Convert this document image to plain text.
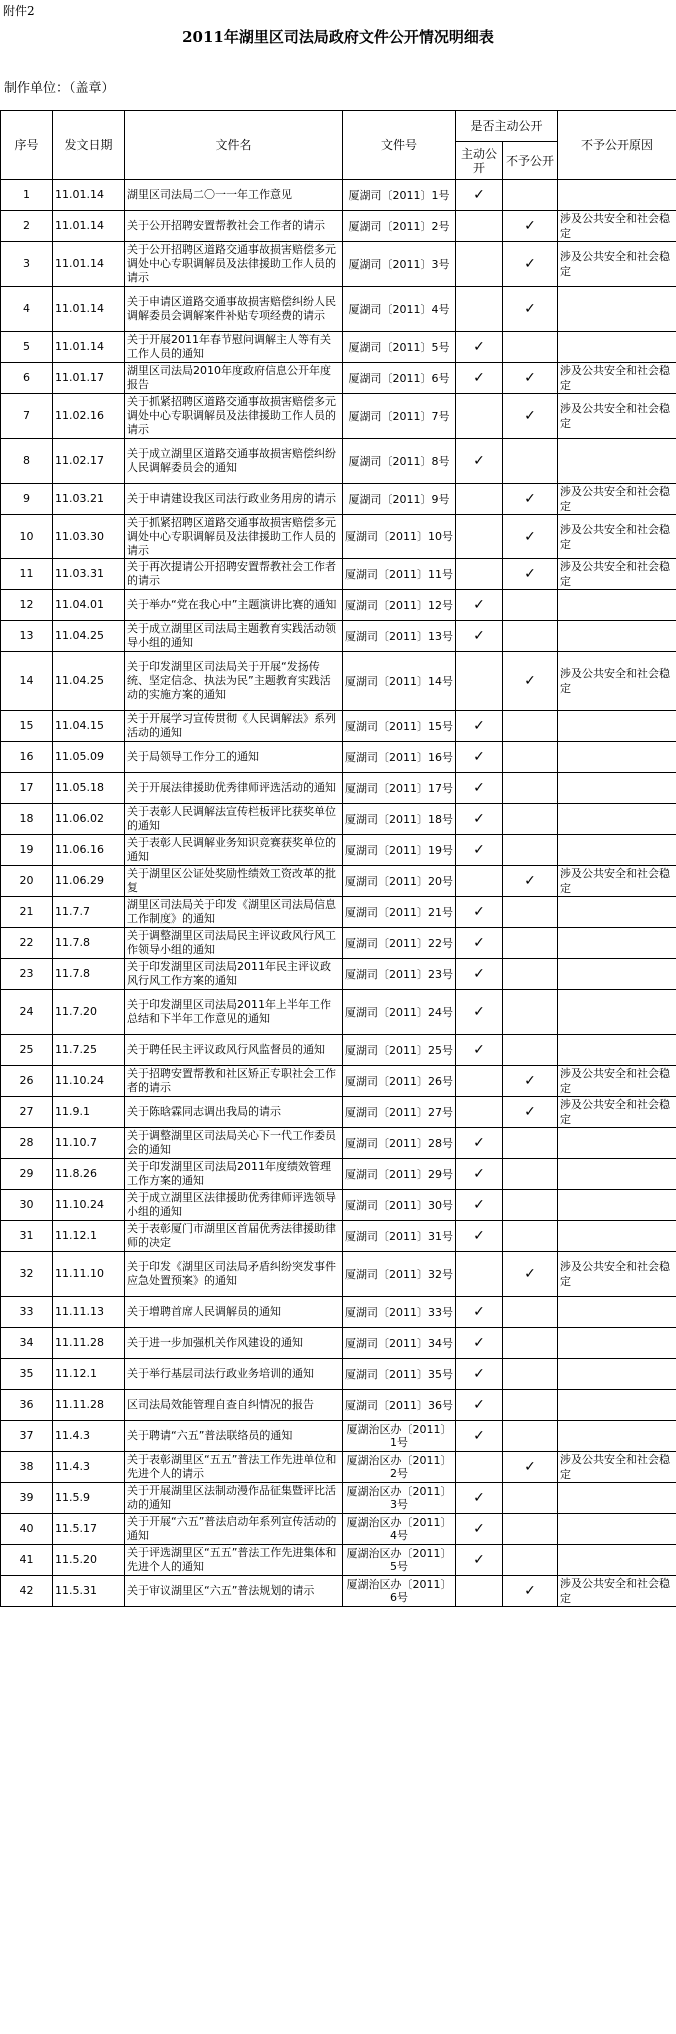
附件2
2011年湖里区司法局政府文件公开情况明细表
制作单位：（盖章）
序号	发文日期	文件名	文件号	是否主动公开		不予公开原因
				主动公开	不予公开	
1	11.01.14	湖里区司法局二〇一一年工作意见	厦湖司〔2011〕1号	✓		
2	11.01.14	关于公开招聘安置帮教社会工作者的请示	厦湖司〔2011〕2号		✓	涉及公共安全和社会稳定
3	11.01.14	关于公开招聘区道路交通事故损害赔偿多元调处中心专职调解员及法律援助工作人员的请示	厦湖司〔2011〕3号		✓	涉及公共安全和社会稳定
4	11.01.14	关于申请区道路交通事故损害赔偿纠纷人民调解委员会调解案件补贴专项经费的请示	厦湖司〔2011〕4号		✓	
5	11.01.14	关于开展2011年春节慰问调解主人等有关工作人员的通知	厦湖司〔2011〕5号	✓		
6	11.01.17	湖里区司法局2010年度政府信息公开年度报告	厦湖司〔2011〕6号	✓	✓	涉及公共安全和社会稳定
7	11.02.16	关于抓紧招聘区道路交通事故损害赔偿多元调处中心专职调解员及法律援助工作人员的请示	厦湖司〔2011〕7号		✓	涉及公共安全和社会稳定
8	11.02.17	关于成立湖里区道路交通事故损害赔偿纠纷人民调解委员会的通知	厦湖司〔2011〕8号	✓		
9	11.03.21	关于申请建设我区司法行政业务用房的请示	厦湖司〔2011〕9号		✓	涉及公共安全和社会稳定
10	11.03.30	关于抓紧招聘区道路交通事故损害赔偿多元调处中心专职调解员及法律援助工作人员的请示	厦湖司〔2011〕10号		✓	涉及公共安全和社会稳定
11	11.03.31	关于再次提请公开招聘安置帮教社会工作者的请示	厦湖司〔2011〕11号		✓	涉及公共安全和社会稳定
12	11.04.01	关于举办“党在我心中”主题演讲比赛的通知	厦湖司〔2011〕12号	✓		
13	11.04.25	关于成立湖里区司法局主题教育实践活动领导小组的通知	厦湖司〔2011〕13号	✓		
14	11.04.25	关于印发湖里区司法局关于开展“发扬传统、坚定信念、执法为民”主题教育实践活动的实施方案的通知	厦湖司〔2011〕14号		✓	涉及公共安全和社会稳定
15	11.04.15	关于开展学习宣传贯彻《人民调解法》系列活动的通知	厦湖司〔2011〕15号	✓		
16	11.05.09	关于局领导工作分工的通知	厦湖司〔2011〕16号	✓		
17	11.05.18	关于开展法律援助优秀律师评选活动的通知	厦湖司〔2011〕17号	✓		
18	11.06.02	关于表彰人民调解法宣传栏板评比获奖单位的通知	厦湖司〔2011〕18号	✓		
19	11.06.16	关于表彰人民调解业务知识竞赛获奖单位的通知	厦湖司〔2011〕19号	✓		
20	11.06.29	关于湖里区公证处奖励性绩效工资改革的批复	厦湖司〔2011〕20号		✓	涉及公共安全和社会稳定
21	11.7.7	湖里区司法局关于印发《湖里区司法局信息工作制度》的通知	厦湖司〔2011〕21号	✓		
22	11.7.8	关于调整湖里区司法局民主评议政风行风工作领导小组的通知	厦湖司〔2011〕22号	✓		
23	11.7.8	关于印发湖里区司法局2011年民主评议政风行风工作方案的通知	厦湖司〔2011〕23号	✓		
24	11.7.20	关于印发湖里区司法局2011年上半年工作总结和下半年工作意见的通知	厦湖司〔2011〕24号	✓		
25	11.7.25	关于聘任民主评议政风行风监督员的通知	厦湖司〔2011〕25号	✓		
26	11.10.24	关于招聘安置帮教和社区矫正专职社会工作者的请示	厦湖司〔2011〕26号		✓	涉及公共安全和社会稳定
27	11.9.1	关于陈晗霖同志调出我局的请示	厦湖司〔2011〕27号		✓	涉及公共安全和社会稳定
28	11.10.7	关于调整湖里区司法局关心下一代工作委员会的通知	厦湖司〔2011〕28号	✓		
29	11.8.26	关于印发湖里区司法局2011年度绩效管理工作方案的通知	厦湖司〔2011〕29号	✓		
30	11.10.24	关于成立湖里区法律援助优秀律师评选领导小组的通知	厦湖司〔2011〕30号	✓		
31	11.12.1	关于表彰厦门市湖里区首届优秀法律援助律师的决定	厦湖司〔2011〕31号	✓		
32	11.11.10	关于印发《湖里区司法局矛盾纠纷突发事件应急处置预案》的通知	厦湖司〔2011〕32号		✓	涉及公共安全和社会稳定
33	11.11.13	关于增聘首席人民调解员的通知	厦湖司〔2011〕33号	✓		
34	11.11.28	关于进一步加强机关作风建设的通知	厦湖司〔2011〕34号	✓		
35	11.12.1	关于举行基层司法行政业务培训的通知	厦湖司〔2011〕35号	✓		
36	11.11.28	区司法局效能管理自查自纠情况的报告	厦湖司〔2011〕36号	✓		
37	11.4.3	关于聘请“六五”普法联络员的通知	厦湖治区办〔2011〕1号	✓		
38	11.4.3	关于表彰湖里区“五五”普法工作先进单位和先进个人的请示	厦湖治区办〔2011〕2号		✓	涉及公共安全和社会稳定
39	11.5.9	关于开展湖里区法制动漫作品征集暨评比活动的通知	厦湖治区办〔2011〕3号	✓		
40	11.5.17	关于开展“六五”普法启动年系列宣传活动的通知	厦湖治区办〔2011〕4号	✓		
41	11.5.20	关于评选湖里区“五五”普法工作先进集体和先进个人的通知	厦湖治区办〔2011〕5号	✓		
42	11.5.31	关于审议湖里区“六五”普法规划的请示	厦湖治区办〔2011〕6号		✓	涉及公共安全和社会稳定
